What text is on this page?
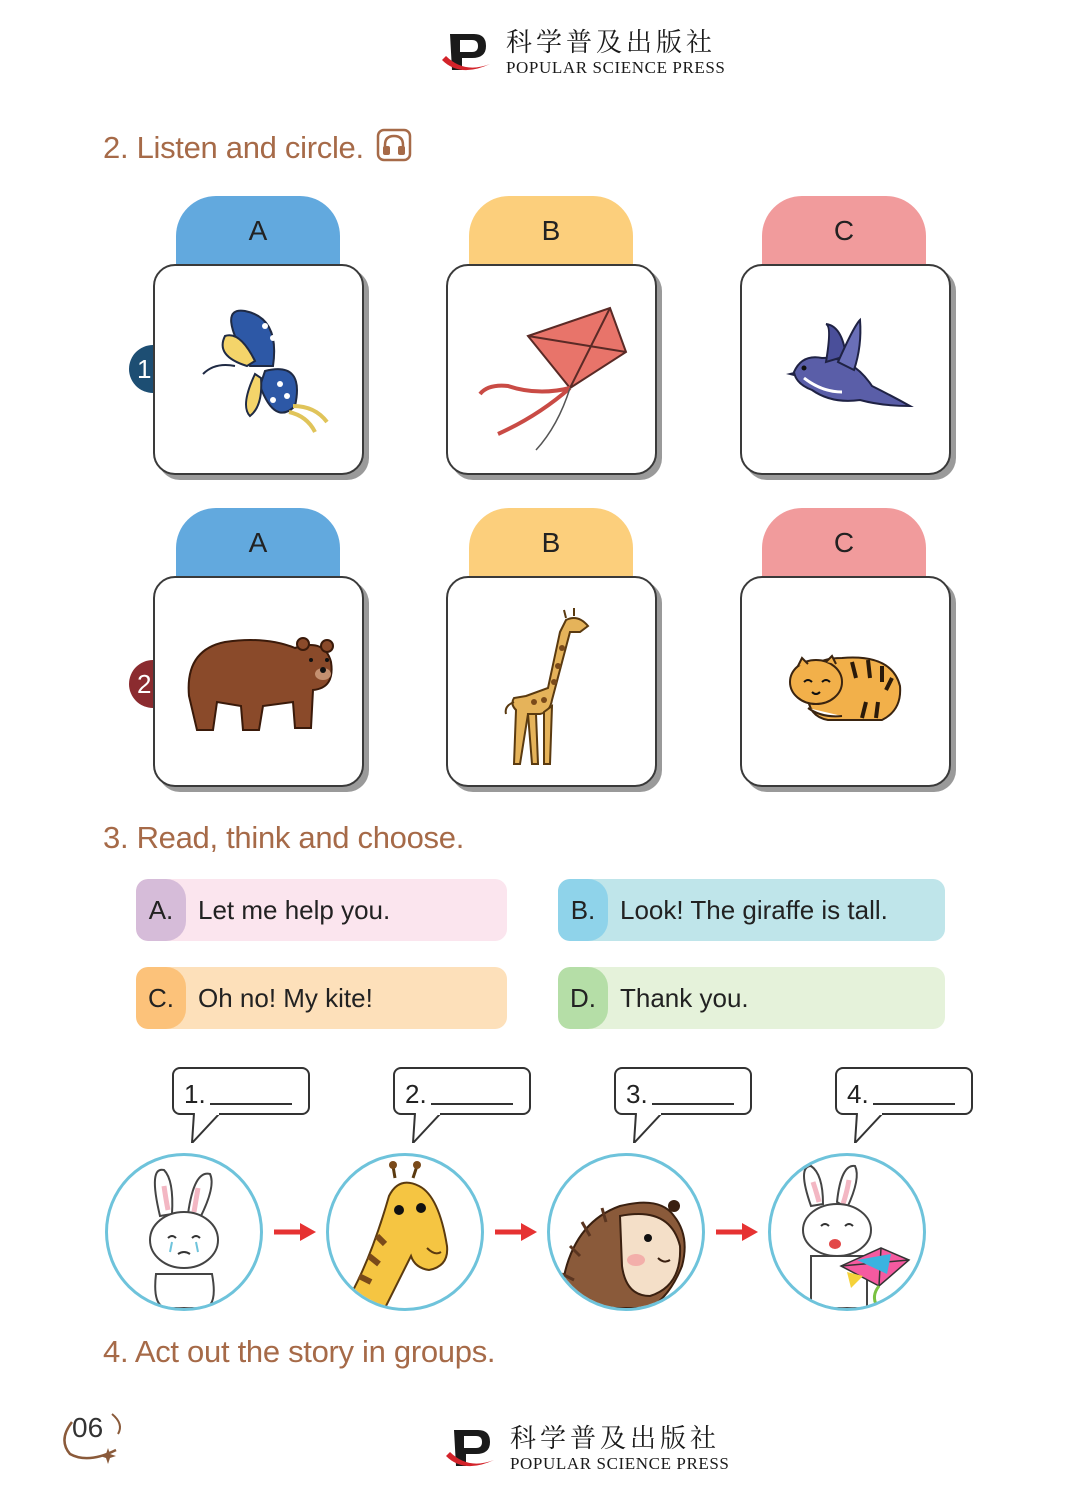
科学普及出版社
POPULAR SCIENCE PRESS
2. Listen and circle.
1
A	B	C
2
A	B	C
3. Read, think and choose.
A. Let me help you.	B. Look! The giraffe is tall.
C. Oh no! My kite!	D. Thank you.
1.	2.	3.	4.
4. Act out the story in groups.
06	科学普及出版社
POPULAR SCIENCE PRESS
